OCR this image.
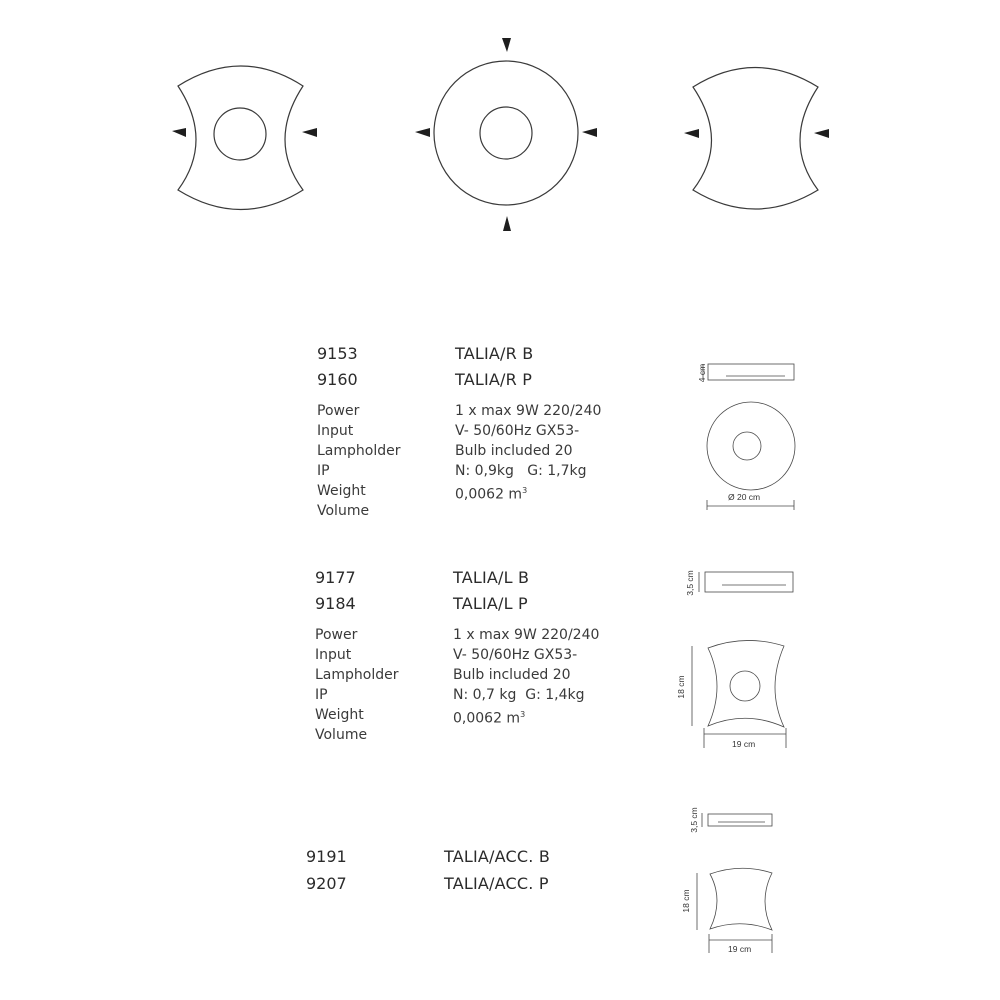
9153
9160
TALIA/R B
TALIA/R P
Power
Input
Lampholder
IP
Weight
Volume
1 x max 9W 220/240
V- 50/60Hz GX53-
Bulb included 20
N: 0,9kg   G: 1,7kg
0,0062 $m^3$
4 cm
Ø 20 cm
9177
9184
TALIA/L B
TALIA/L P
Power
Input
Lampholder
IP
Weight
Volume
1 x max 9W 220/240
V- 50/60Hz GX53-
Bulb included 20
N: 0,7 kg  G: 1,4kg
0,0062 $m^3$
3,5 cm
18 cm
19 cm
9191
9207
TALIA/ACC. B
TALIA/ACC. P
3,5 cm
18 cm
19 cm
